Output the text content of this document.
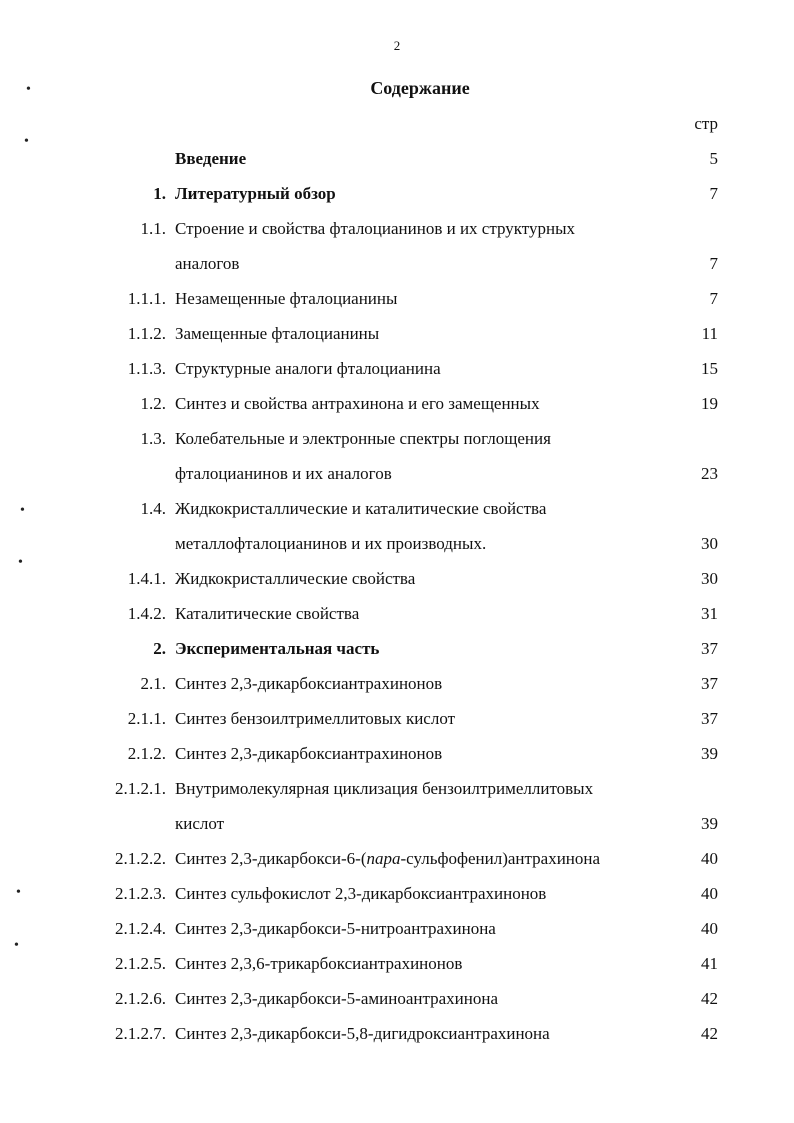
2
Содержание
стр
Введение	5
1. Литературный обзор	7
1.1. Строение и свойства фталоцианинов и их структурных
аналогов	7
1.1.1. Незамещенные фталоцианины	7
1.1.2. Замещенные фталоцианины	11
1.1.3. Структурные аналоги фталоцианина	15
1.2. Синтез и свойства антрахинона и его замещенных	19
1.3. Колебательные и электронные спектры поглощения
фталоцианинов и их аналогов	23
1.4. Жидкокристаллические и каталитические свойства
металлофталоцианинов и их производных.	30
1.4.1. Жидкокристаллические свойства	30
1.4.2. Каталитические свойства	31
2. Экспериментальная часть	37
2.1. Синтез 2,3-дикарбоксиантрахинонов	37
2.1.1. Синтез бензоилтримеллитовых кислот	37
2.1.2. Синтез 2,3-дикарбоксиантрахинонов	39
2.1.2.1. Внутримолекулярная циклизация бензоилтримеллитовых
кислот	39
2.1.2.2. Синтез 2,3-дикарбокси-6-(пара-сульфофенил)антрахинона	40
2.1.2.3. Синтез сульфокислот 2,3-дикарбоксиантрахинонов	40
2.1.2.4. Синтез 2,3-дикарбокси-5-нитроантрахинона	40
2.1.2.5. Синтез 2,3,6-трикарбоксиантрахинонов	41
2.1.2.6. Синтез 2,3-дикарбокси-5-аминоантрахинона	42
2.1.2.7. Синтез 2,3-дикарбокси-5,8-дигидроксиантрахинона	42
•
•
•
•
•
•
